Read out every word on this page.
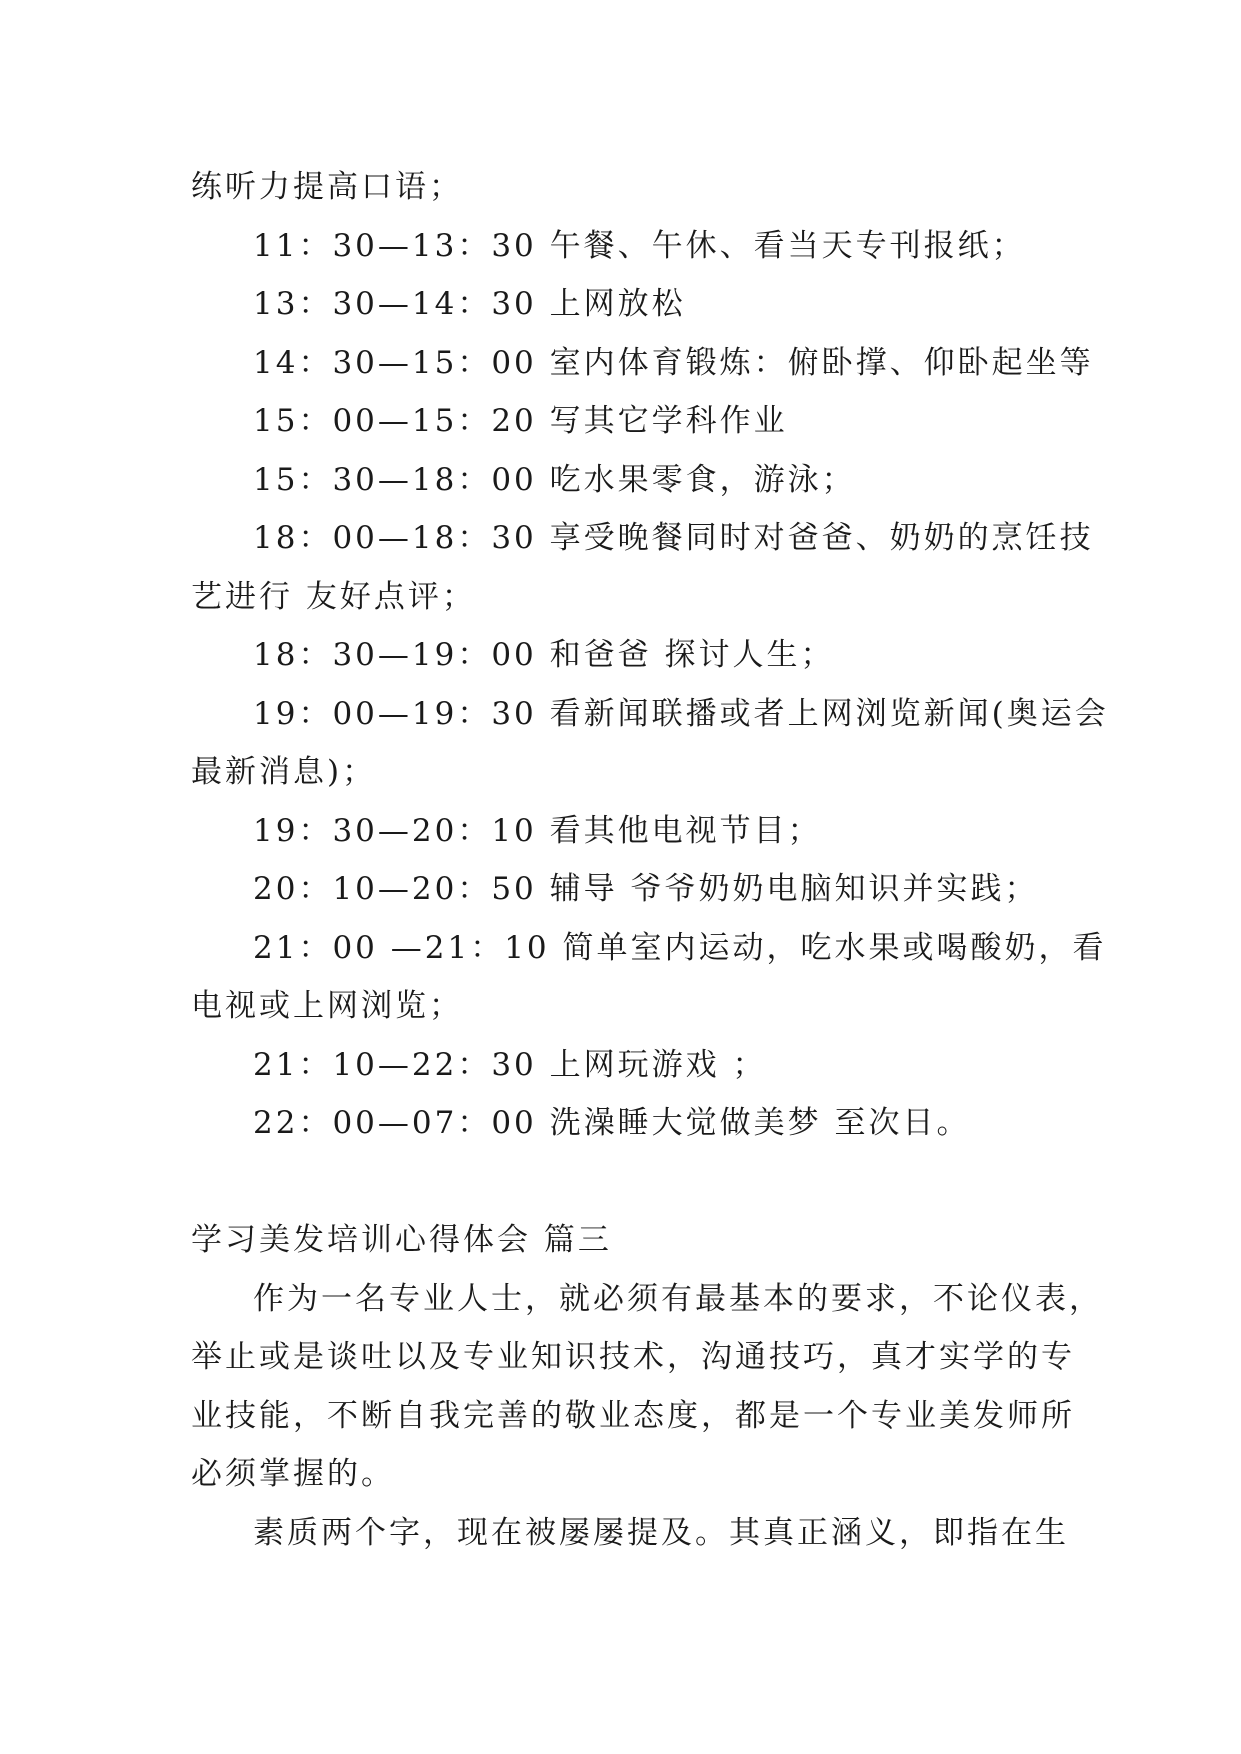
练听力提高口语；

11：30—13：30 午餐、午休、看当天专刊报纸；

13：30—14：30 上网放松

14：30—15：00 室内体育锻炼：俯卧撑、仰卧起坐等

15：00—15：20 写其它学科作业

15：30—18：00 吃水果零食，游泳；

18：00—18：30 享受晚餐同时对爸爸、奶奶的烹饪技

艺进行 友好点评；

18：30—19：00 和爸爸 探讨人生；

19：00—19：30 看新闻联播或者上网浏览新闻(奥运会

最新消息)；

19：30—20：10 看其他电视节目；

20：10—20：50 辅导 爷爷奶奶电脑知识并实践；

21：00 —21：10 简单室内运动，吃水果或喝酸奶，看

电视或上网浏览；

21：10—22：30 上网玩游戏 ；

22：00—07：00 洗澡睡大觉做美梦 至次日。

学习美发培训心得体会 篇三

作为一名专业人士，就必须有最基本的要求，不论仪表，

举止或是谈吐以及专业知识技术，沟通技巧，真才实学的专

业技能，不断自我完善的敬业态度，都是一个专业美发师所

必须掌握的。

素质两个字，现在被屡屡提及。其真正涵义，即指在生
